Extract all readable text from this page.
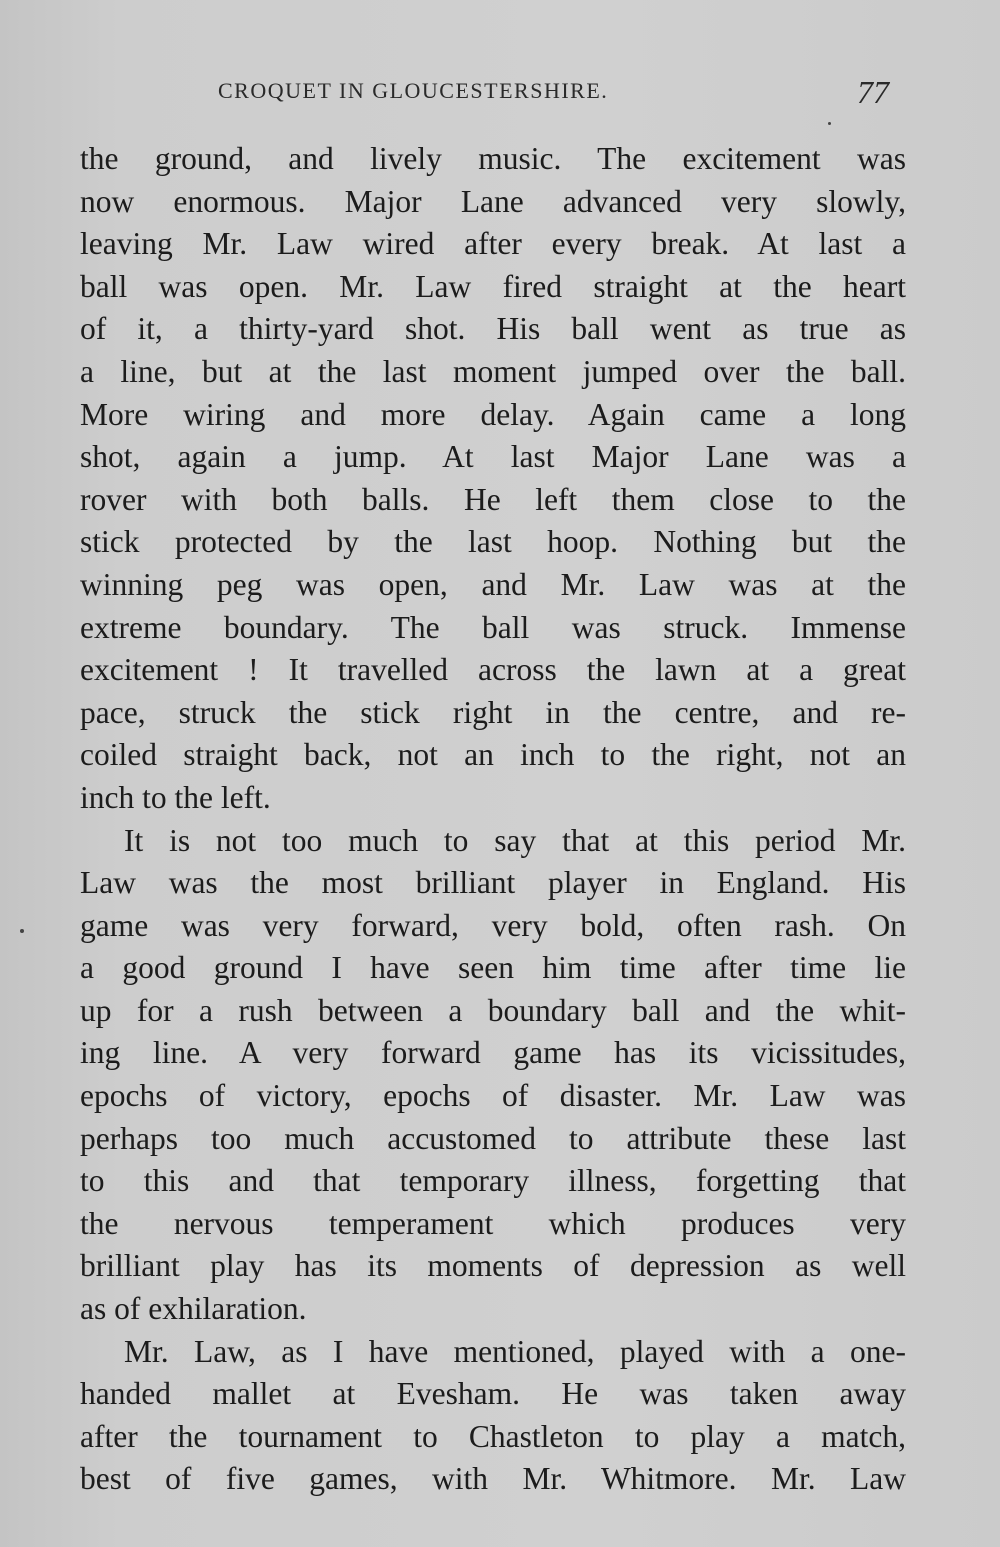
CROQUET IN GLOUCESTERSHIRE.	77
the ground, and lively music. The excitement was
now enormous. Major Lane advanced very slowly,
leaving Mr. Law wired after every break. At last a
ball was open. Mr. Law fired straight at the heart
of it, a thirty-yard shot. His ball went as true as
a line, but at the last moment jumped over the ball.
More wiring and more delay. Again came a long
shot, again a jump. At last Major Lane was a
rover with both balls. He left them close to the
stick protected by the last hoop. Nothing but the
winning peg was open, and Mr. Law was at the
extreme boundary. The ball was struck. Immense
excitement ! It travelled across the lawn at a great
pace, struck the stick right in the centre, and re-
coiled straight back, not an inch to the right, not an
inch to the left.
It is not too much to say that at this period Mr.
Law was the most brilliant player in England. His
game was very forward, very bold, often rash. On
a good ground I have seen him time after time lie
up for a rush between a boundary ball and the whit-
ing line. A very forward game has its vicissitudes,
epochs of victory, epochs of disaster. Mr. Law was
perhaps too much accustomed to attribute these last
to this and that temporary illness, forgetting that
the nervous temperament which produces very
brilliant play has its moments of depression as well
as of exhilaration.
Mr. Law, as I have mentioned, played with a one-
handed mallet at Evesham. He was taken away
after the tournament to Chastleton to play a match,
best of five games, with Mr. Whitmore. Mr. Law
